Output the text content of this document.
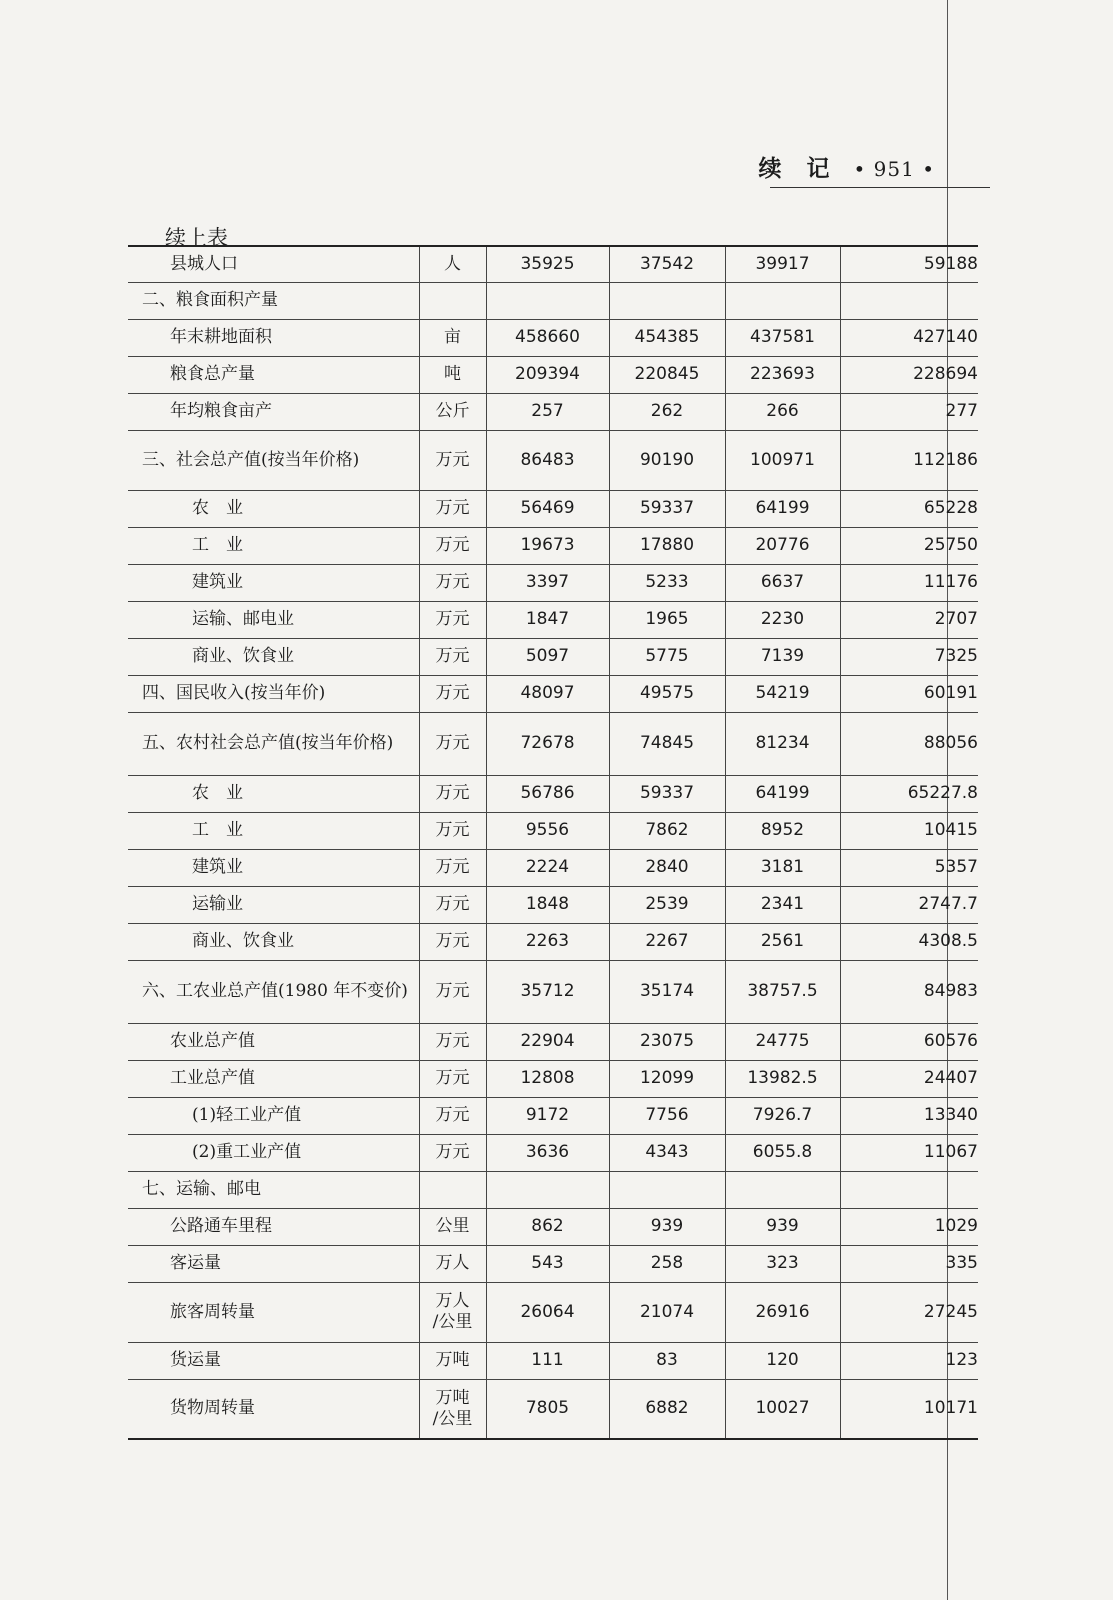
续　记 • 951 •
续上表
县城人口	人	35925	37542	39917	59188
二、粮食面积产量	

年末耕地面积	亩	458660	454385	437581	427140
粮食总产量	吨	209394	220845	223693	228694
年均粮食亩产	公斤	257	262	266	277
三、社会总产值(按当年价格)	万元	86483	90190	100971	112186
农　业	万元	56469	59337	64199	65228
工　业	万元	19673	17880	20776	25750
建筑业	万元	3397	5233	6637	11176
运输、邮电业	万元	1847	1965	2230	2707
商业、饮食业	万元	5097	5775	7139	7325
四、国民收入(按当年价)	万元	48097	49575	54219	60191
五、农村社会总产值(按当年价格)	万元	72678	74845	81234	88056
农　业	万元	56786	59337	64199	65227.8
工　业	万元	9556	7862	8952	10415
建筑业	万元	2224	2840	3181	5357
运输业	万元	1848	2539	2341	2747.7
商业、饮食业	万元	2263	2267	2561	4308.5
六、工农业总产值(1980 年不变价)	万元	35712	35174	38757.5	84983
农业总产值	万元	22904	23075	24775	60576
工业总产值	万元	12808	12099	13982.5	24407
(1)轻工业产值	万元	9172	7756	7926.7	13340
(2)重工业产值	万元	3636	4343	6055.8	11067
七、运输、邮电	

公路通车里程	公里	862	939	939	1029
客运量	万人	543	258	323	335
旅客周转量	万人
/公里	26064	21074	26916	27245
货运量	万吨	111	83	120	123
货物周转量	万吨
/公里	7805	6882	10027	10171
